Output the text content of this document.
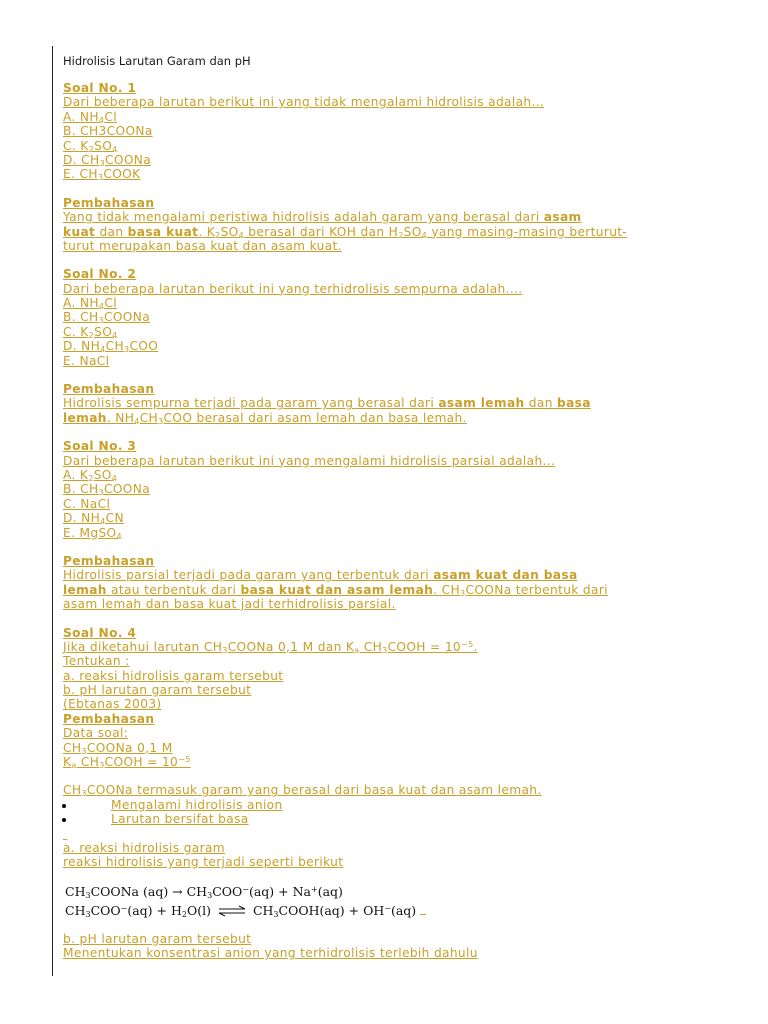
Hidrolisis Larutan Garam dan pH
Soal No. 1
Dari beberapa larutan berikut ini yang tidak mengalami hidrolisis adalah...
A. $NH_4Cl$
B. CH3COONa
C. $K_2SO_4$
D. $CH_3COONa$
E. $CH_3COOK$
Pembahasan
Yang tidak mengalami peristiwa hidrolisis adalah garam yang berasal dari asam
kuat dan basa kuat. $K_2SO_4$ berasal dari KOH dan $H_2SO_4$ yang masing-masing berturut-
turut merupakan basa kuat dan asam kuat.
Soal No. 2
Dari beberapa larutan berikut ini yang terhidrolisis sempurna adalah....
A. $NH_4Cl$
B. $CH_3COONa$
C. $K_2SO_4$
D. $NH_4CH_3COO$
E. NaCl
Pembahasan
Hidrolisis sempurna terjadi pada garam yang berasal dari asam lemah dan basa
lemah. $NH_4CH_3COO$ berasal dari asam lemah dan basa lemah.
Soal No. 3
Dari beberapa larutan berikut ini yang mengalami hidrolisis parsial adalah...
A. $K_2SO_4$
B. $CH_3COONa$
C. NaCl
D. $NH_4CN$
E. MgSO$_4$
Pembahasan
Hidrolisis parsial terjadi pada garam yang terbentuk dari asam kuat dan basa
lemah atau terbentuk dari basa kuat dan asam lemah. $CH_3COONa$ terbentuk dari
asam lemah dan basa kuat jadi terhidrolisis parsial.
Soal No. 4
Jika diketahui larutan $CH_3COONa$ 0,1 M dan $K_a$ $CH_3COOH = 10^{-5}$.
Tentukan :
a. reaksi hidrolisis garam tersebut
b. pH larutan garam tersebut
(Ebtanas 2003)
Pembahasan
Data soal:
$CH_3COONa$ 0,1 M
$K_a$ $CH_3COOH = 10^{-5}$
$CH_3COONa$ termasuk garam yang berasal dari basa kuat dan asam lemah.
Mengalami hidrolisis anion
Larutan bersifat basa

a. reaksi hidrolisis garam
reaksi hidrolisis yang terjadi seperti berikut
$CH_3COONa$ $(aq) \to CH_3COO^-(aq) + Na^+(aq)$
$CH_3COO^-(aq) + H_2O(l)$ ⇌ $CH_3COOH(aq) + OH^-(aq)$
b. pH larutan garam tersebut
Menentukan konsentrasi anion yang terhidrolisis terlebih dahulu
